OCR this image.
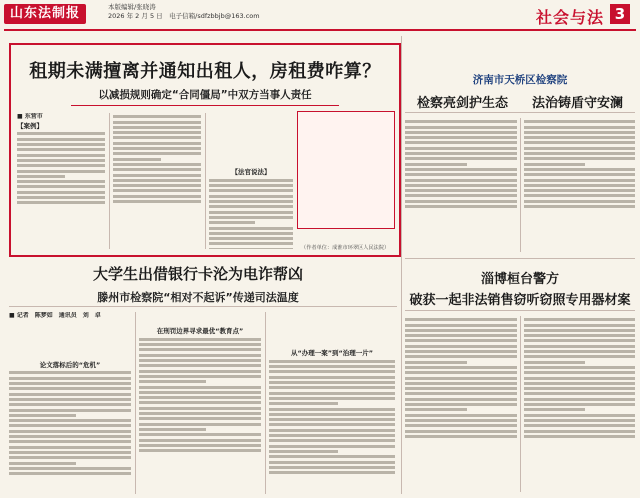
山东法制报	本版编辑/张晓涛
2026 年 2 月 5 日　电子信箱/sdfzbbjb@163.com	社会与法 3
租期未满擅离并通知出租人，房租费咋算？
以减损规则确定“合同僵局”中双方当事人责任
■ 东营市
【案例】
【法官说法】
（作者单位：成淮市环翠区人民法院）
大学生出借银行卡沦为电诈帮凶
滕州市检察院“相对不起诉”传递司法温度
■ 记者　陈梦如　通讯员　刘　卓
论文落标后的“危机”
在刑罚边界寻求最优“教育点”
从“办理一案”到“治理一片”
济南市天桥区检察院
检察亮剑护生态	法治铸盾守安澜
淄博桓台警方
破获一起非法销售窃听窃照专用器材案
